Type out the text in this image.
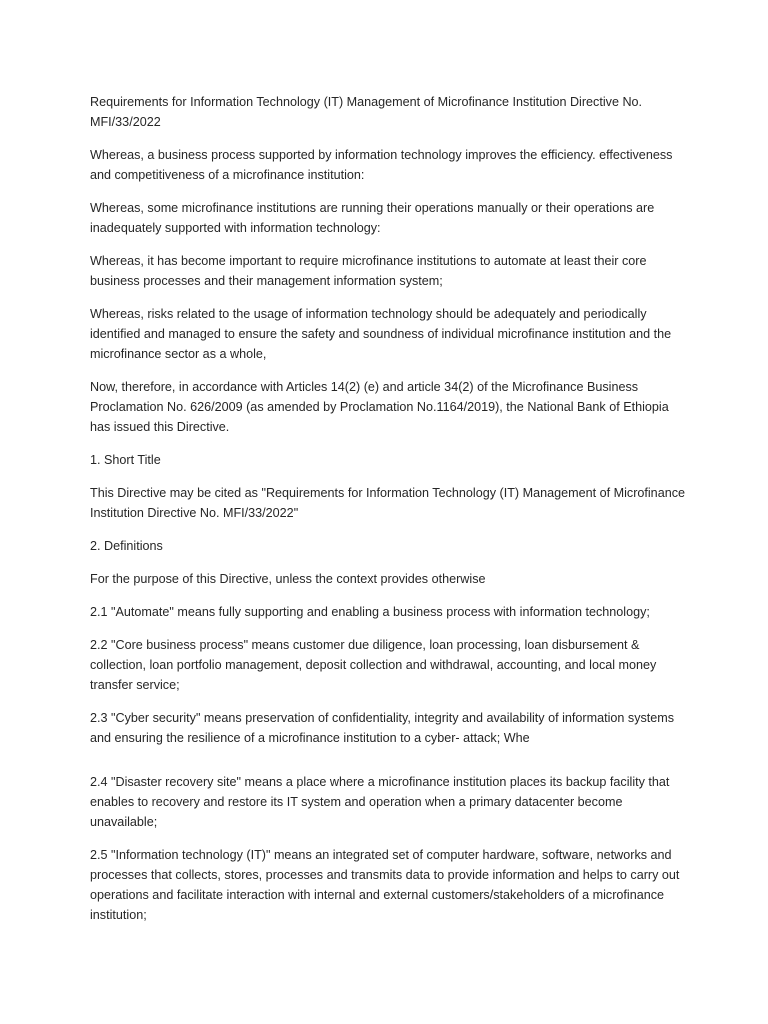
Requirements for Information Technology (IT) Management of Microfinance Institution Directive No. MFI/33/2022

Whereas, a business process supported by information technology improves the efficiency. effectiveness and competitiveness of a microfinance institution:

Whereas, some microfinance institutions are running their operations manually or their operations are inadequately supported with information technology:

Whereas, it has become important to require microfinance institutions to automate at least their core business processes and their management information system;

Whereas, risks related to the usage of information technology should be adequately and periodically identified and managed to ensure the safety and soundness of individual microfinance institution and the microfinance sector as a whole,

Now, therefore, in accordance with Articles 14(2) (e) and article 34(2) of the Microfinance Business Proclamation No. 626/2009 (as amended by Proclamation No.1164/2019), the National Bank of Ethiopia has issued this Directive.

1. Short Title

This Directive may be cited as "Requirements for Information Technology (IT) Management of Microfinance Institution Directive No. MFI/33/2022"

2. Definitions

For the purpose of this Directive, unless the context provides otherwise

2.1 "Automate" means fully supporting and enabling a business process with information technology;

2.2 "Core business process" means customer due diligence, loan processing, loan disbursement & collection, loan portfolio management, deposit collection and withdrawal, accounting, and local money transfer service;

2.3 "Cyber security" means preservation of confidentiality, integrity and availability of information systems and ensuring the resilience of a microfinance institution to a cyber- attack; Whe

2.4 "Disaster recovery site" means a place where a microfinance institution places its backup facility that enables to recovery and restore its IT system and operation when a primary datacenter become unavailable;

2.5 "Information technology (IT)" means an integrated set of computer hardware, software, networks and processes that collects, stores, processes and transmits data to provide information and helps to carry out operations and facilitate interaction with internal and external customers/stakeholders of a microfinance institution;
